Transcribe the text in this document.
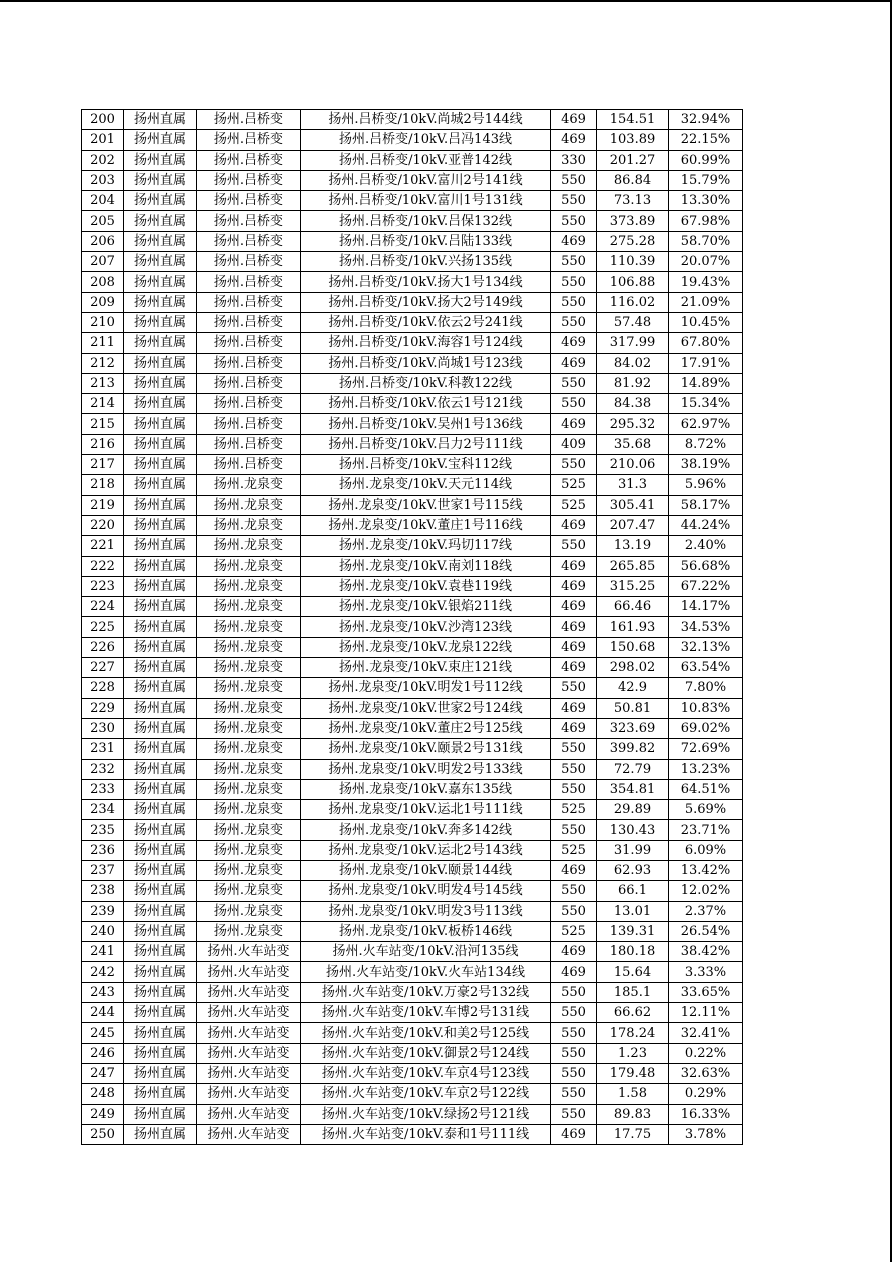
200	扬州直属	扬州.吕桥变	扬州.吕桥变/10kV.尚城2号144线	469	154.51	32.94%
201	扬州直属	扬州.吕桥变	扬州.吕桥变/10kV.吕冯143线	469	103.89	22.15%
202	扬州直属	扬州.吕桥变	扬州.吕桥变/10kV.亚普142线	330	201.27	60.99%
203	扬州直属	扬州.吕桥变	扬州.吕桥变/10kV.富川2号141线	550	86.84	15.79%
204	扬州直属	扬州.吕桥变	扬州.吕桥变/10kV.富川1号131线	550	73.13	13.30%
205	扬州直属	扬州.吕桥变	扬州.吕桥变/10kV.吕保132线	550	373.89	67.98%
206	扬州直属	扬州.吕桥变	扬州.吕桥变/10kV.吕陆133线	469	275.28	58.70%
207	扬州直属	扬州.吕桥变	扬州.吕桥变/10kV.兴扬135线	550	110.39	20.07%
208	扬州直属	扬州.吕桥变	扬州.吕桥变/10kV.扬大1号134线	550	106.88	19.43%
209	扬州直属	扬州.吕桥变	扬州.吕桥变/10kV.扬大2号149线	550	116.02	21.09%
210	扬州直属	扬州.吕桥变	扬州.吕桥变/10kV.依云2号241线	550	57.48	10.45%
211	扬州直属	扬州.吕桥变	扬州.吕桥变/10kV.海容1号124线	469	317.99	67.80%
212	扬州直属	扬州.吕桥变	扬州.吕桥变/10kV.尚城1号123线	469	84.02	17.91%
213	扬州直属	扬州.吕桥变	扬州.吕桥变/10kV.科教122线	550	81.92	14.89%
214	扬州直属	扬州.吕桥变	扬州.吕桥变/10kV.依云1号121线	550	84.38	15.34%
215	扬州直属	扬州.吕桥变	扬州.吕桥变/10kV.吴州1号136线	469	295.32	62.97%
216	扬州直属	扬州.吕桥变	扬州.吕桥变/10kV.吕力2号111线	409	35.68	8.72%
217	扬州直属	扬州.吕桥变	扬州.吕桥变/10kV.宝科112线	550	210.06	38.19%
218	扬州直属	扬州.龙泉变	扬州.龙泉变/10kV.天元114线	525	31.3	5.96%
219	扬州直属	扬州.龙泉变	扬州.龙泉变/10kV.世家1号115线	525	305.41	58.17%
220	扬州直属	扬州.龙泉变	扬州.龙泉变/10kV.董庄1号116线	469	207.47	44.24%
221	扬州直属	扬州.龙泉变	扬州.龙泉变/10kV.玛切117线	550	13.19	2.40%
222	扬州直属	扬州.龙泉变	扬州.龙泉变/10kV.南刘118线	469	265.85	56.68%
223	扬州直属	扬州.龙泉变	扬州.龙泉变/10kV.袁巷119线	469	315.25	67.22%
224	扬州直属	扬州.龙泉变	扬州.龙泉变/10kV.银焰211线	469	66.46	14.17%
225	扬州直属	扬州.龙泉变	扬州.龙泉变/10kV.沙湾123线	469	161.93	34.53%
226	扬州直属	扬州.龙泉变	扬州.龙泉变/10kV.龙泉122线	469	150.68	32.13%
227	扬州直属	扬州.龙泉变	扬州.龙泉变/10kV.束庄121线	469	298.02	63.54%
228	扬州直属	扬州.龙泉变	扬州.龙泉变/10kV.明发1号112线	550	42.9	7.80%
229	扬州直属	扬州.龙泉变	扬州.龙泉变/10kV.世家2号124线	469	50.81	10.83%
230	扬州直属	扬州.龙泉变	扬州.龙泉变/10kV.董庄2号125线	469	323.69	69.02%
231	扬州直属	扬州.龙泉变	扬州.龙泉变/10kV.颐景2号131线	550	399.82	72.69%
232	扬州直属	扬州.龙泉变	扬州.龙泉变/10kV.明发2号133线	550	72.79	13.23%
233	扬州直属	扬州.龙泉变	扬州.龙泉变/10kV.嘉东135线	550	354.81	64.51%
234	扬州直属	扬州.龙泉变	扬州.龙泉变/10kV.运北1号111线	525	29.89	5.69%
235	扬州直属	扬州.龙泉变	扬州.龙泉变/10kV.奔多142线	550	130.43	23.71%
236	扬州直属	扬州.龙泉变	扬州.龙泉变/10kV.运北2号143线	525	31.99	6.09%
237	扬州直属	扬州.龙泉变	扬州.龙泉变/10kV.颐景144线	469	62.93	13.42%
238	扬州直属	扬州.龙泉变	扬州.龙泉变/10kV.明发4号145线	550	66.1	12.02%
239	扬州直属	扬州.龙泉变	扬州.龙泉变/10kV.明发3号113线	550	13.01	2.37%
240	扬州直属	扬州.龙泉变	扬州.龙泉变/10kV.板桥146线	525	139.31	26.54%
241	扬州直属	扬州.火车站变	扬州.火车站变/10kV.沿河135线	469	180.18	38.42%
242	扬州直属	扬州.火车站变	扬州.火车站变/10kV.火车站134线	469	15.64	3.33%
243	扬州直属	扬州.火车站变	扬州.火车站变/10kV.万豪2号132线	550	185.1	33.65%
244	扬州直属	扬州.火车站变	扬州.火车站变/10kV.车博2号131线	550	66.62	12.11%
245	扬州直属	扬州.火车站变	扬州.火车站变/10kV.和美2号125线	550	178.24	32.41%
246	扬州直属	扬州.火车站变	扬州.火车站变/10kV.御景2号124线	550	1.23	0.22%
247	扬州直属	扬州.火车站变	扬州.火车站变/10kV.车京4号123线	550	179.48	32.63%
248	扬州直属	扬州.火车站变	扬州.火车站变/10kV.车京2号122线	550	1.58	0.29%
249	扬州直属	扬州.火车站变	扬州.火车站变/10kV.绿扬2号121线	550	89.83	16.33%
250	扬州直属	扬州.火车站变	扬州.火车站变/10kV.泰和1号111线	469	17.75	3.78%
